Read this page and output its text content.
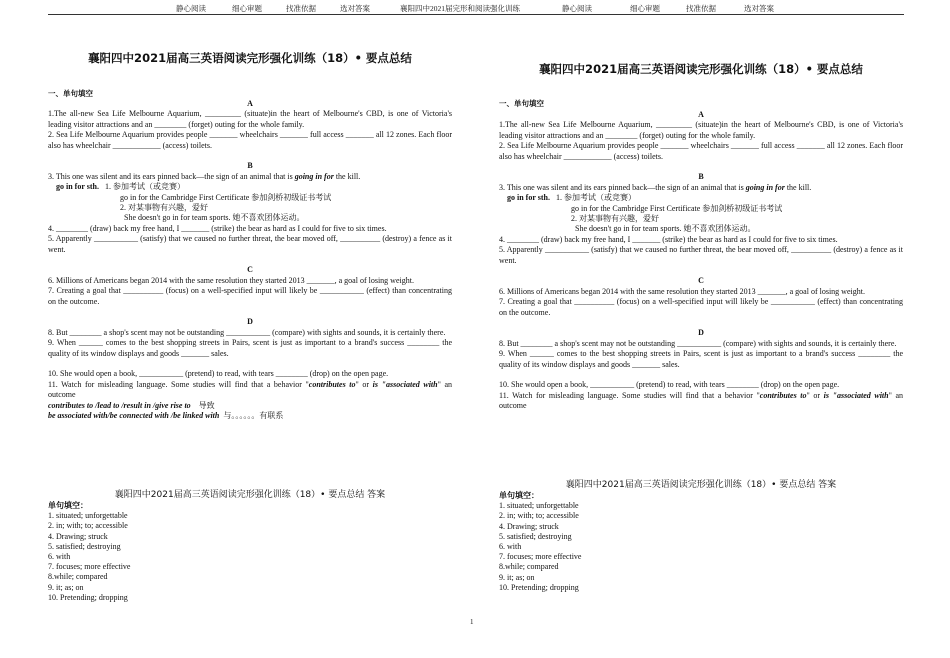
静心阅读	细心审题	找准依据	选对答案	襄阳四中2021届完形和阅读强化训练	静心阅读	细心审题	找准依据	选对答案
襄阳四中2021届高三英语阅读完形强化训练（18）• 要点总结
一、单句填空
A
1.The all-new Sea Life Melbourne Aquarium, _________ (situate)in the heart of Melbourne's CBD, is one of Victoria's leading visitor attractions and an ________ (forget) outing for the whole family.
2. Sea Life Melbourne Aquarium provides people _______ wheelchairs _______ full access _______ all 12 zones. Each floor also has wheelchair ____________ (access) toilets.
B
3. This one was silent and its ears pinned back—the sign of an animal that is going in for the kill.
go in for sth.   1. 参加考试（或竞赛）
go in for the Cambridge First Certificate 参加剑桥初级证书考试
2. 对某事物有兴趣，爱好
She doesn't go in for team sports. 她不喜欢团体运动。
4. ________ (draw) back my free hand, I _______ (strike) the bear as hard as I could for five to six times.
5. Apparently ___________ (satisfy) that we caused no further threat, the bear moved off, __________ (destroy) a fence as it went.
C
6. Millions of Americans began 2014 with the same resolution they started 2013 _______, a goal of losing weight.
7. Creating a goal that __________ (focus) on a well-specified input will likely be ___________ (effect) than concentrating on the outcome.
D
8. But ________ a shop's scent may not be outstanding ___________ (compare) with sights and sounds, it is certainly there.
9. When ______ comes to the best shopping streets in Pairs, scent is just as important to a brand's success ________ the quality of its window displays and goods _______ sales.
10. She would open a book, ___________ (pretend) to read, with tears ________ (drop) on the open page.
11. Watch for misleading language. Some studies will find that a behavior "contributes to" or is "associated with" an outcome
contributes to /lead to /result in /give rise to 导致
be associated with/be connected with /be linked with 与。。。。。。有联系
襄阳四中2021届高三英语阅读完形强化训练（18）• 要点总结 答案
单句填空：
1. situated; unforgettable
2. in; with; to; accessible
4. Drawing; struck
5. satisfied; destroying
6. with
7. focuses; more effective
8.while; compared
9. it; as; on
10. Pretending; dropping
襄阳四中2021届高三英语阅读完形强化训练（18）• 要点总结
一、单句填空
A
1.The all-new Sea Life Melbourne Aquarium, _________ (situate)in the heart of Melbourne's CBD, is one of Victoria's leading visitor attractions and an ________ (forget) outing for the whole family.
2. Sea Life Melbourne Aquarium provides people _______ wheelchairs _______ full access _______ all 12 zones. Each floor also has wheelchair ____________ (access) toilets.
B
3. This one was silent and its ears pinned back—the sign of an animal that is going in for the kill.
go in for sth.   1. 参加考试（或竞赛）
go in for the Cambridge First Certificate 参加剑桥初级证书考试
2. 对某事物有兴趣，爱好
She doesn't go in for team sports. 她不喜欢团体运动。
4. ________ (draw) back my free hand, I _______ (strike) the bear as hard as I could for five to six times.
5. Apparently ___________ (satisfy) that we caused no further threat, the bear moved off, __________ (destroy) a fence as it went.
C
6. Millions of Americans began 2014 with the same resolution they started 2013 _______, a goal of losing weight.
7. Creating a goal that __________ (focus) on a well-specified input will likely be ___________ (effect) than concentrating on the outcome.
D
8. But ________ a shop's scent may not be outstanding ___________ (compare) with sights and sounds, it is certainly there.
9. When ______ comes to the best shopping streets in Pairs, scent is just as important to a brand's success ________ the quality of its window displays and goods _______ sales.
10. She would open a book, ___________ (pretend) to read, with tears ________ (drop) on the open page.
11. Watch for misleading language. Some studies will find that a behavior "contributes to" or is "associated with" an outcome
襄阳四中2021届高三英语阅读完形强化训练（18）• 要点总结 答案
单句填空：
1. situated; unforgettable
2. in; with; to; accessible
4. Drawing; struck
5. satisfied; destroying
6. with
7. focuses; more effective
8.while; compared
9. it; as; on
10. Pretending; dropping
1
